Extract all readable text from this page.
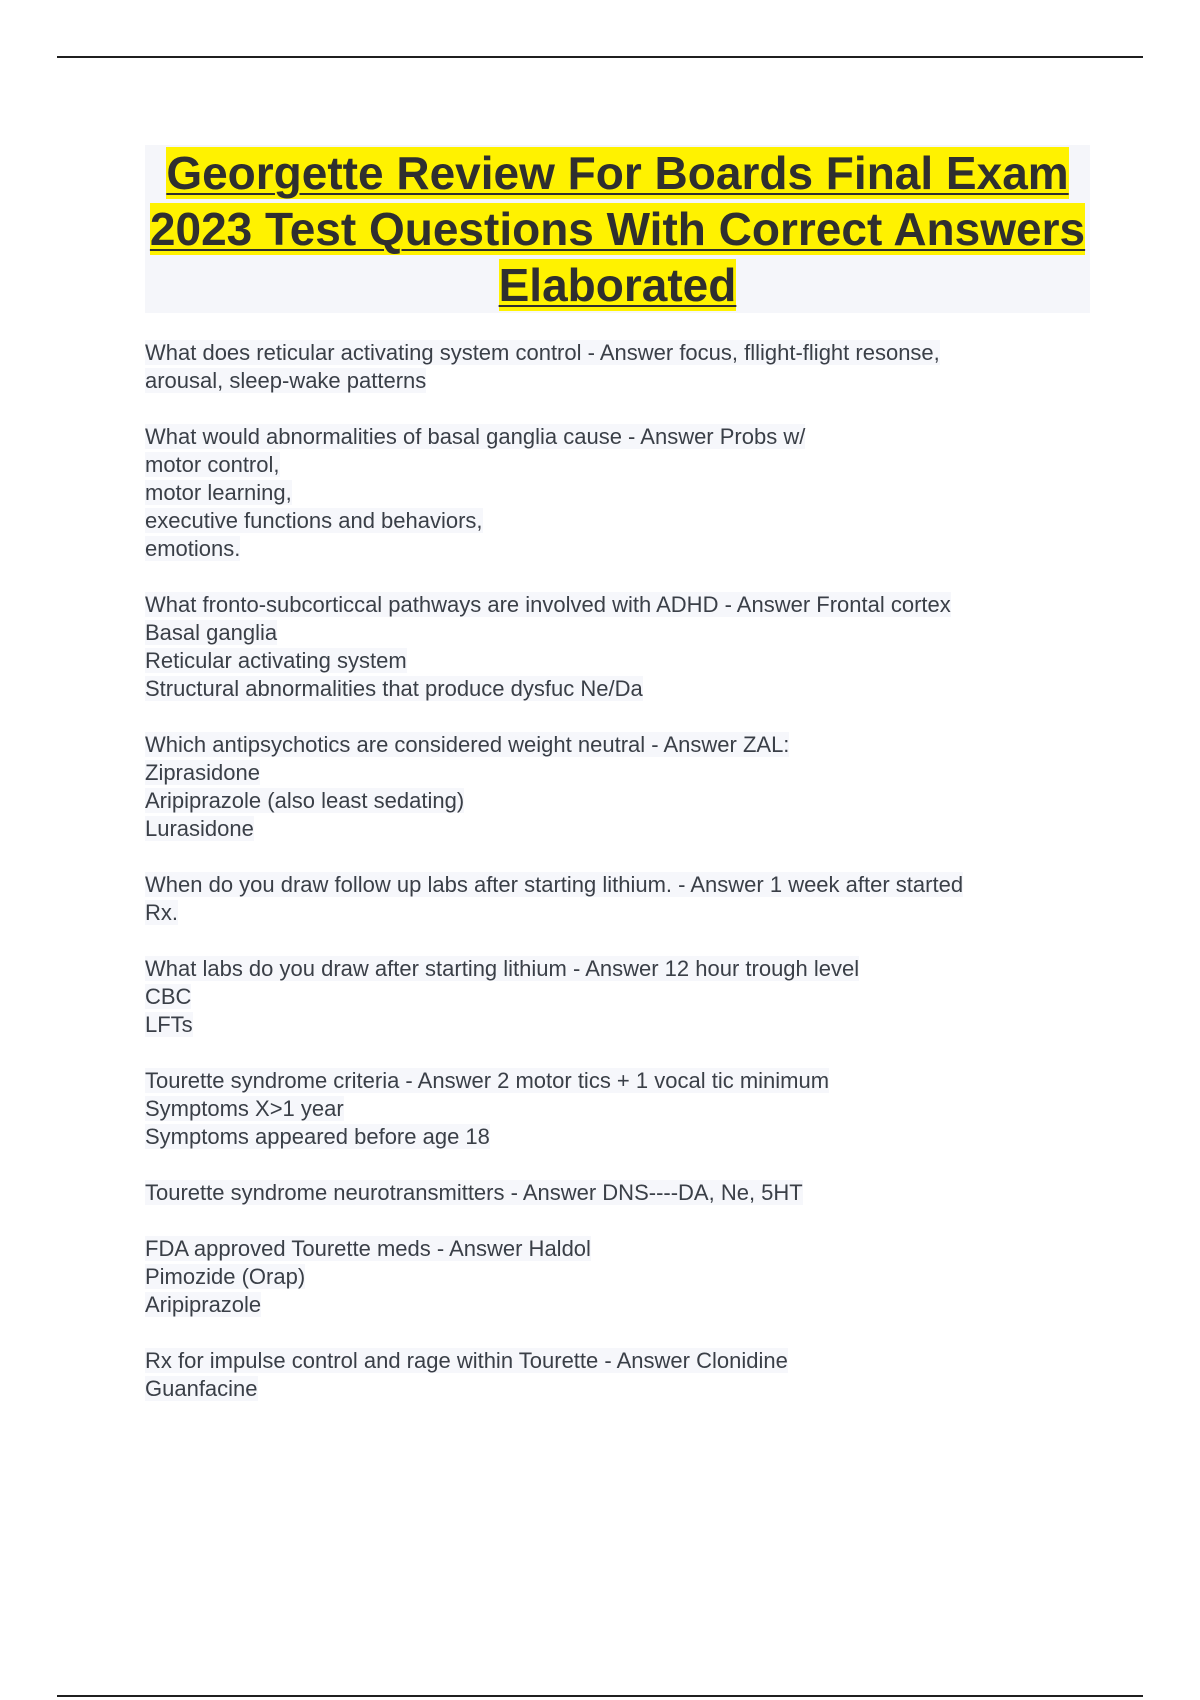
Georgette Review For Boards Final Exam 2023 Test Questions With Correct Answers Elaborated
What does reticular activating system control - Answer focus, fllight-flight resonse,
arousal, sleep-wake patterns
What would abnormalities of basal ganglia cause - Answer Probs w/
motor control,
motor learning,
executive functions and behaviors,
emotions.
What fronto-subcorticcal pathways are involved with ADHD - Answer Frontal cortex
Basal ganglia
Reticular activating system
Structural abnormalities that produce dysfuc Ne/Da
Which antipsychotics are considered weight neutral - Answer ZAL:
Ziprasidone
Aripiprazole (also least sedating)
Lurasidone
When do you draw follow up labs after starting lithium. - Answer 1 week after started
Rx.
What labs do you draw after starting lithium - Answer 12 hour trough level
CBC
LFTs
Tourette syndrome criteria - Answer 2 motor tics + 1 vocal tic minimum
Symptoms X>1 year
Symptoms appeared before age 18
Tourette syndrome neurotransmitters - Answer DNS----DA, Ne, 5HT
FDA approved Tourette meds - Answer Haldol
Pimozide (Orap)
Aripiprazole
Rx for impulse control and rage within Tourette - Answer Clonidine
Guanfacine
